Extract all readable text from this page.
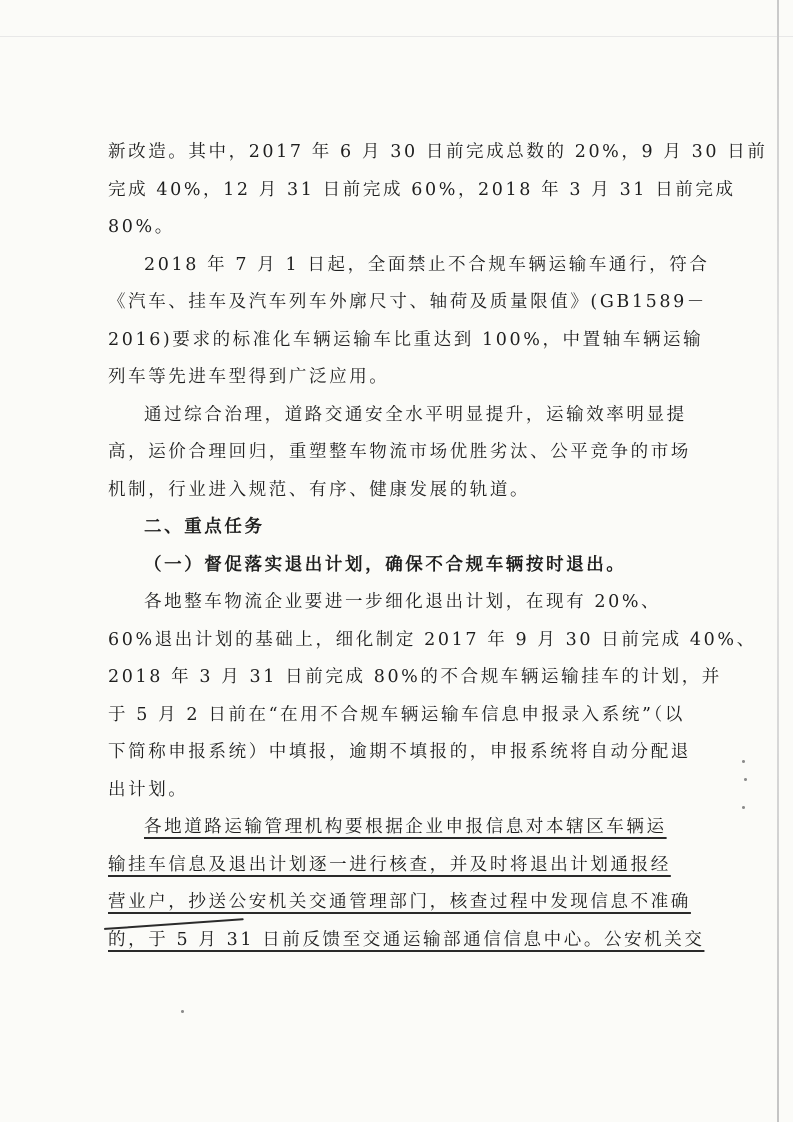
新改造。其中，2017 年 6 月 30 日前完成总数的 20%，9 月 30 日前
完成 40%，12 月 31 日前完成 60%，2018 年 3 月 31 日前完成
80%。
2018 年 7 月 1 日起，全面禁止不合规车辆运输车通行，符合
《汽车、挂车及汽车列车外廓尺寸、轴荷及质量限值》(GB1589－
2016)要求的标准化车辆运输车比重达到 100%，中置轴车辆运输
列车等先进车型得到广泛应用。
通过综合治理，道路交通安全水平明显提升，运输效率明显提
高，运价合理回归，重塑整车物流市场优胜劣汰、公平竞争的市场
机制，行业进入规范、有序、健康发展的轨道。
二、重点任务
（一）督促落实退出计划，确保不合规车辆按时退出。
各地整车物流企业要进一步细化退出计划，在现有 20%、
60%退出计划的基础上，细化制定 2017 年 9 月 30 日前完成 40%、
2018 年 3 月 31 日前完成 80%的不合规车辆运输挂车的计划，并
于 5 月 2 日前在“在用不合规车辆运输车信息申报录入系统”（以
下简称申报系统）中填报，逾期不填报的，申报系统将自动分配退
出计划。
各地道路运输管理机构要根据企业申报信息对本辖区车辆运
输挂车信息及退出计划逐一进行核查，并及时将退出计划通报经
营业户，抄送公安机关交通管理部门，核查过程中发现信息不准确
的，于 5 月 31 日前反馈至交通运输部通信信息中心。公安机关交
